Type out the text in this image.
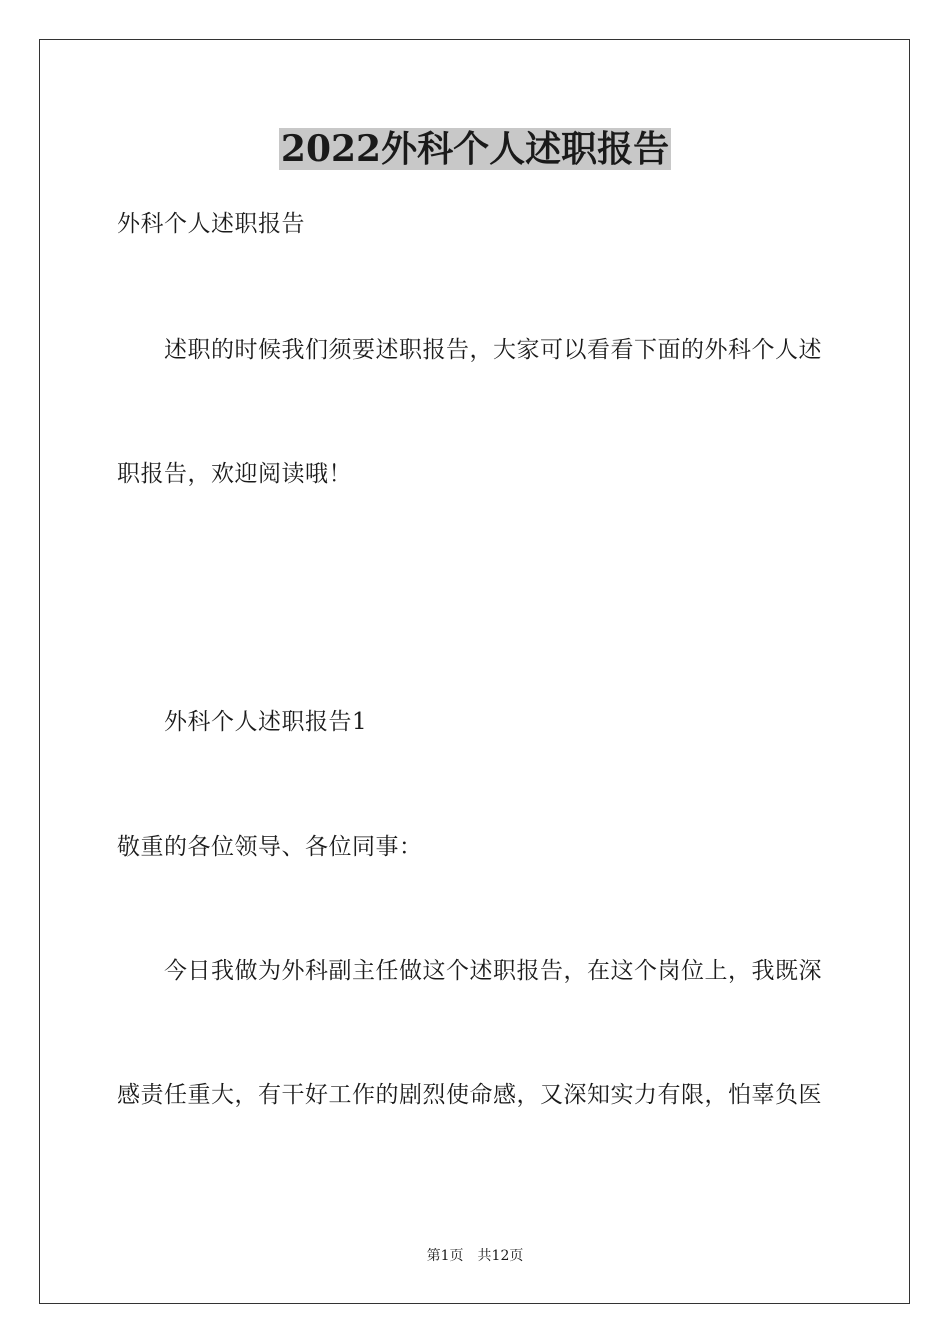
2022外科个人述职报告
外科个人述职报告
述职的时候我们须要述职报告，大家可以看看下面的外科个人述
职报告，欢迎阅读哦！
外科个人述职报告1
敬重的各位领导、各位同事：
今日我做为外科副主任做这个述职报告，在这个岗位上，我既深
感责任重大，有干好工作的剧烈使命感，又深知实力有限，怕辜负医
第1页 共12页
